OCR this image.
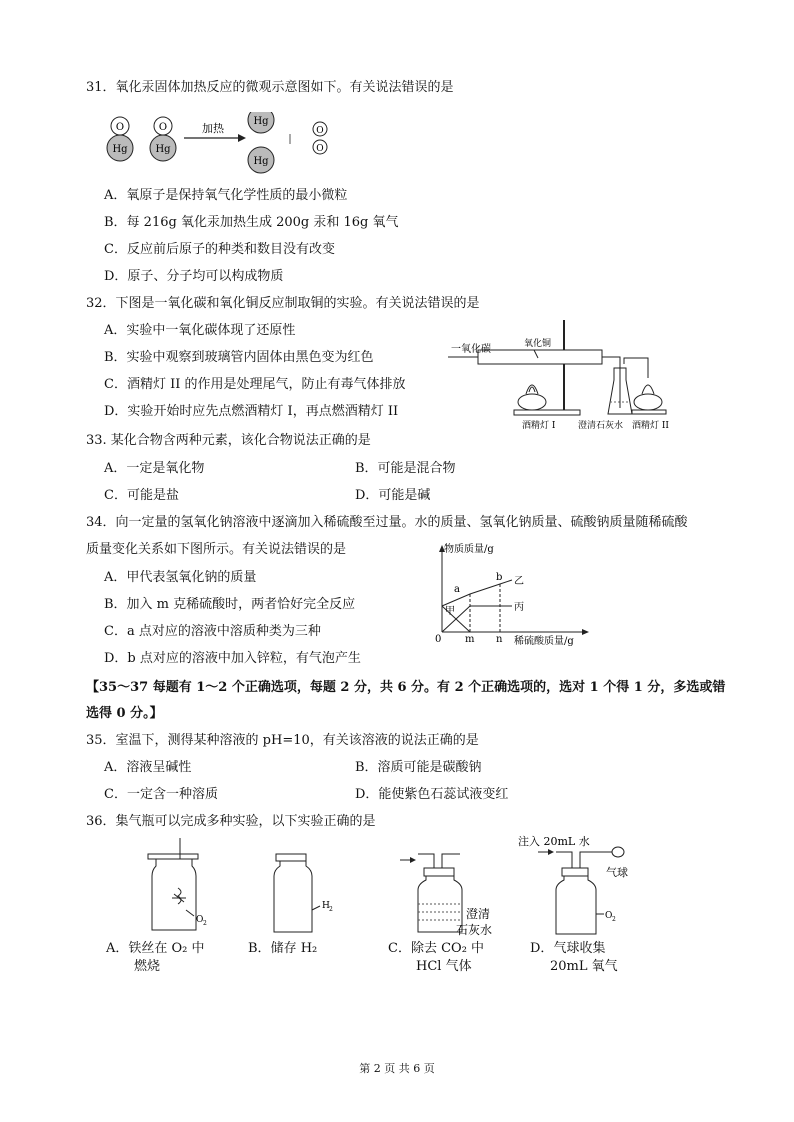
31．氧化汞固体加热反应的微观示意图如下。有关说法错误的是
O
Hg
O
Hg
加热
Hg
Hg
O
O
A．氧原子是保持氧气化学性质的最小微粒
B．每 216g 氧化汞加热生成 200g 汞和 16g 氧气
C．反应前后原子的种类和数目没有改变
D．原子、分子均可以构成物质
32．下图是一氧化碳和氧化铜反应制取铜的实验。有关说法错误的是
A．实验中一氧化碳体现了还原性
B．实验中观察到玻璃管内固体由黑色变为红色
C．酒精灯 II 的作用是处理尾气，防止有毒气体排放
D．实验开始时应先点燃酒精灯 I，再点燃酒精灯 II
一氧化碳	氧化铜
酒精灯 I	澄清石灰水 酒精灯 II
33. 某化合物含两种元素，该化合物说法正确的是
A．一定是氧化物	B．可能是混合物
C．可能是盐	D．可能是碱
34．向一定量的氢氧化钠溶液中逐滴加入稀硫酸至过量。水的质量、氢氧化钠质量、硫酸钠质量随稀硫酸
质量变化关系如下图所示。有关说法错误的是
A．甲代表氢氧化钠的质量
B．加入 m 克稀硫酸时，两者恰好完全反应
C．a 点对应的溶液中溶质种类为三种
D．b 点对应的溶液中加入锌粒，有气泡产生
物质质量/g
0 m n 稀硫酸质量/g
a
b 乙
丙
甲
【35～37 每题有 1～2 个正确选项，每题 2 分，共 6 分。有 2 个正确选项的，选对 1 个得 1 分，多选或错
选得 0 分。】
35．室温下，测得某种溶液的 pH=10，有关该溶液的说法正确的是
A．溶液呈碱性	B．溶质可能是碳酸钠
C．一定含一种溶质	D．能使紫色石蕊试液变红
36．集气瓶可以完成多种实验，以下实验正确的是
O 2
A．铁丝在 O₂ 中
燃烧
H 2
B．储存 H₂
澄清
石灰水
C．除去 CO₂ 中
HCl 气体
注入 20mL 水
气球
O 2
D．气球收集
20mL 氧气
第 2 页 共 6 页
